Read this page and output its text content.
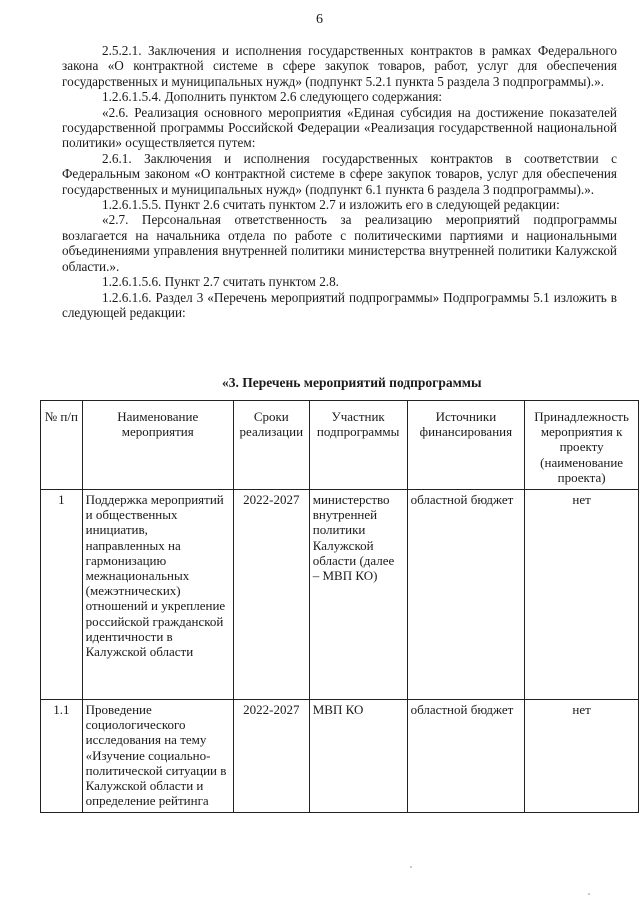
6

2.5.2.1. Заключения и исполнения государственных контрактов в рамках Федерального закона «О контрактной системе в сфере закупок товаров, работ, услуг для обеспечения государственных и муниципальных нужд» (подпункт 5.2.1 пункта 5 раздела 3 подпрограммы).».

1.2.6.1.5.4. Дополнить пунктом 2.6 следующего содержания:

«2.6. Реализация основного мероприятия «Единая субсидия на достижение показателей государственной программы Российской Федерации «Реализация государственной национальной политики» осуществляется путем:

2.6.1. Заключения и исполнения государственных контрактов в соответствии с Федеральным законом «О контрактной системе в сфере закупок товаров, услуг для обеспечения государственных и муниципальных нужд» (подпункт 6.1 пункта 6 раздела 3 подпрограммы).».

1.2.6.1.5.5. Пункт 2.6 считать пунктом 2.7 и изложить его в следующей редакции:

«2.7. Персональная ответственность за реализацию мероприятий подпрограммы возлагается на начальника отдела по работе с политическими партиями и национальными объединениями управления внутренней политики министерства внутренней политики Калужской области.».

1.2.6.1.5.6. Пункт 2.7 считать пунктом 2.8.

1.2.6.1.6. Раздел 3 «Перечень мероприятий подпрограммы» Подпрограммы 5.1 изложить в следующей редакции:

«3. Перечень мероприятий подпрограммы
№ п/п	Наименование мероприятия	Сроки реализации	Участник подпрограммы	Источники финансирования	Принадлежность мероприятия к проекту (наименование проекта)
1	Поддержка мероприятий и общественных инициатив, направленных на гармонизацию межнациональных (межэтнических) отношений и укрепление российской гражданской идентичности в Калужской области	2022-2027	министерство внутренней политики Калужской области (далее – МВП КО)	областной бюджет	нет
1.1	Проведение социологического исследования на тему «Изучение социально-политической ситуации в Калужской области и определение рейтинга	2022-2027	МВП КО	областной бюджет	нет
